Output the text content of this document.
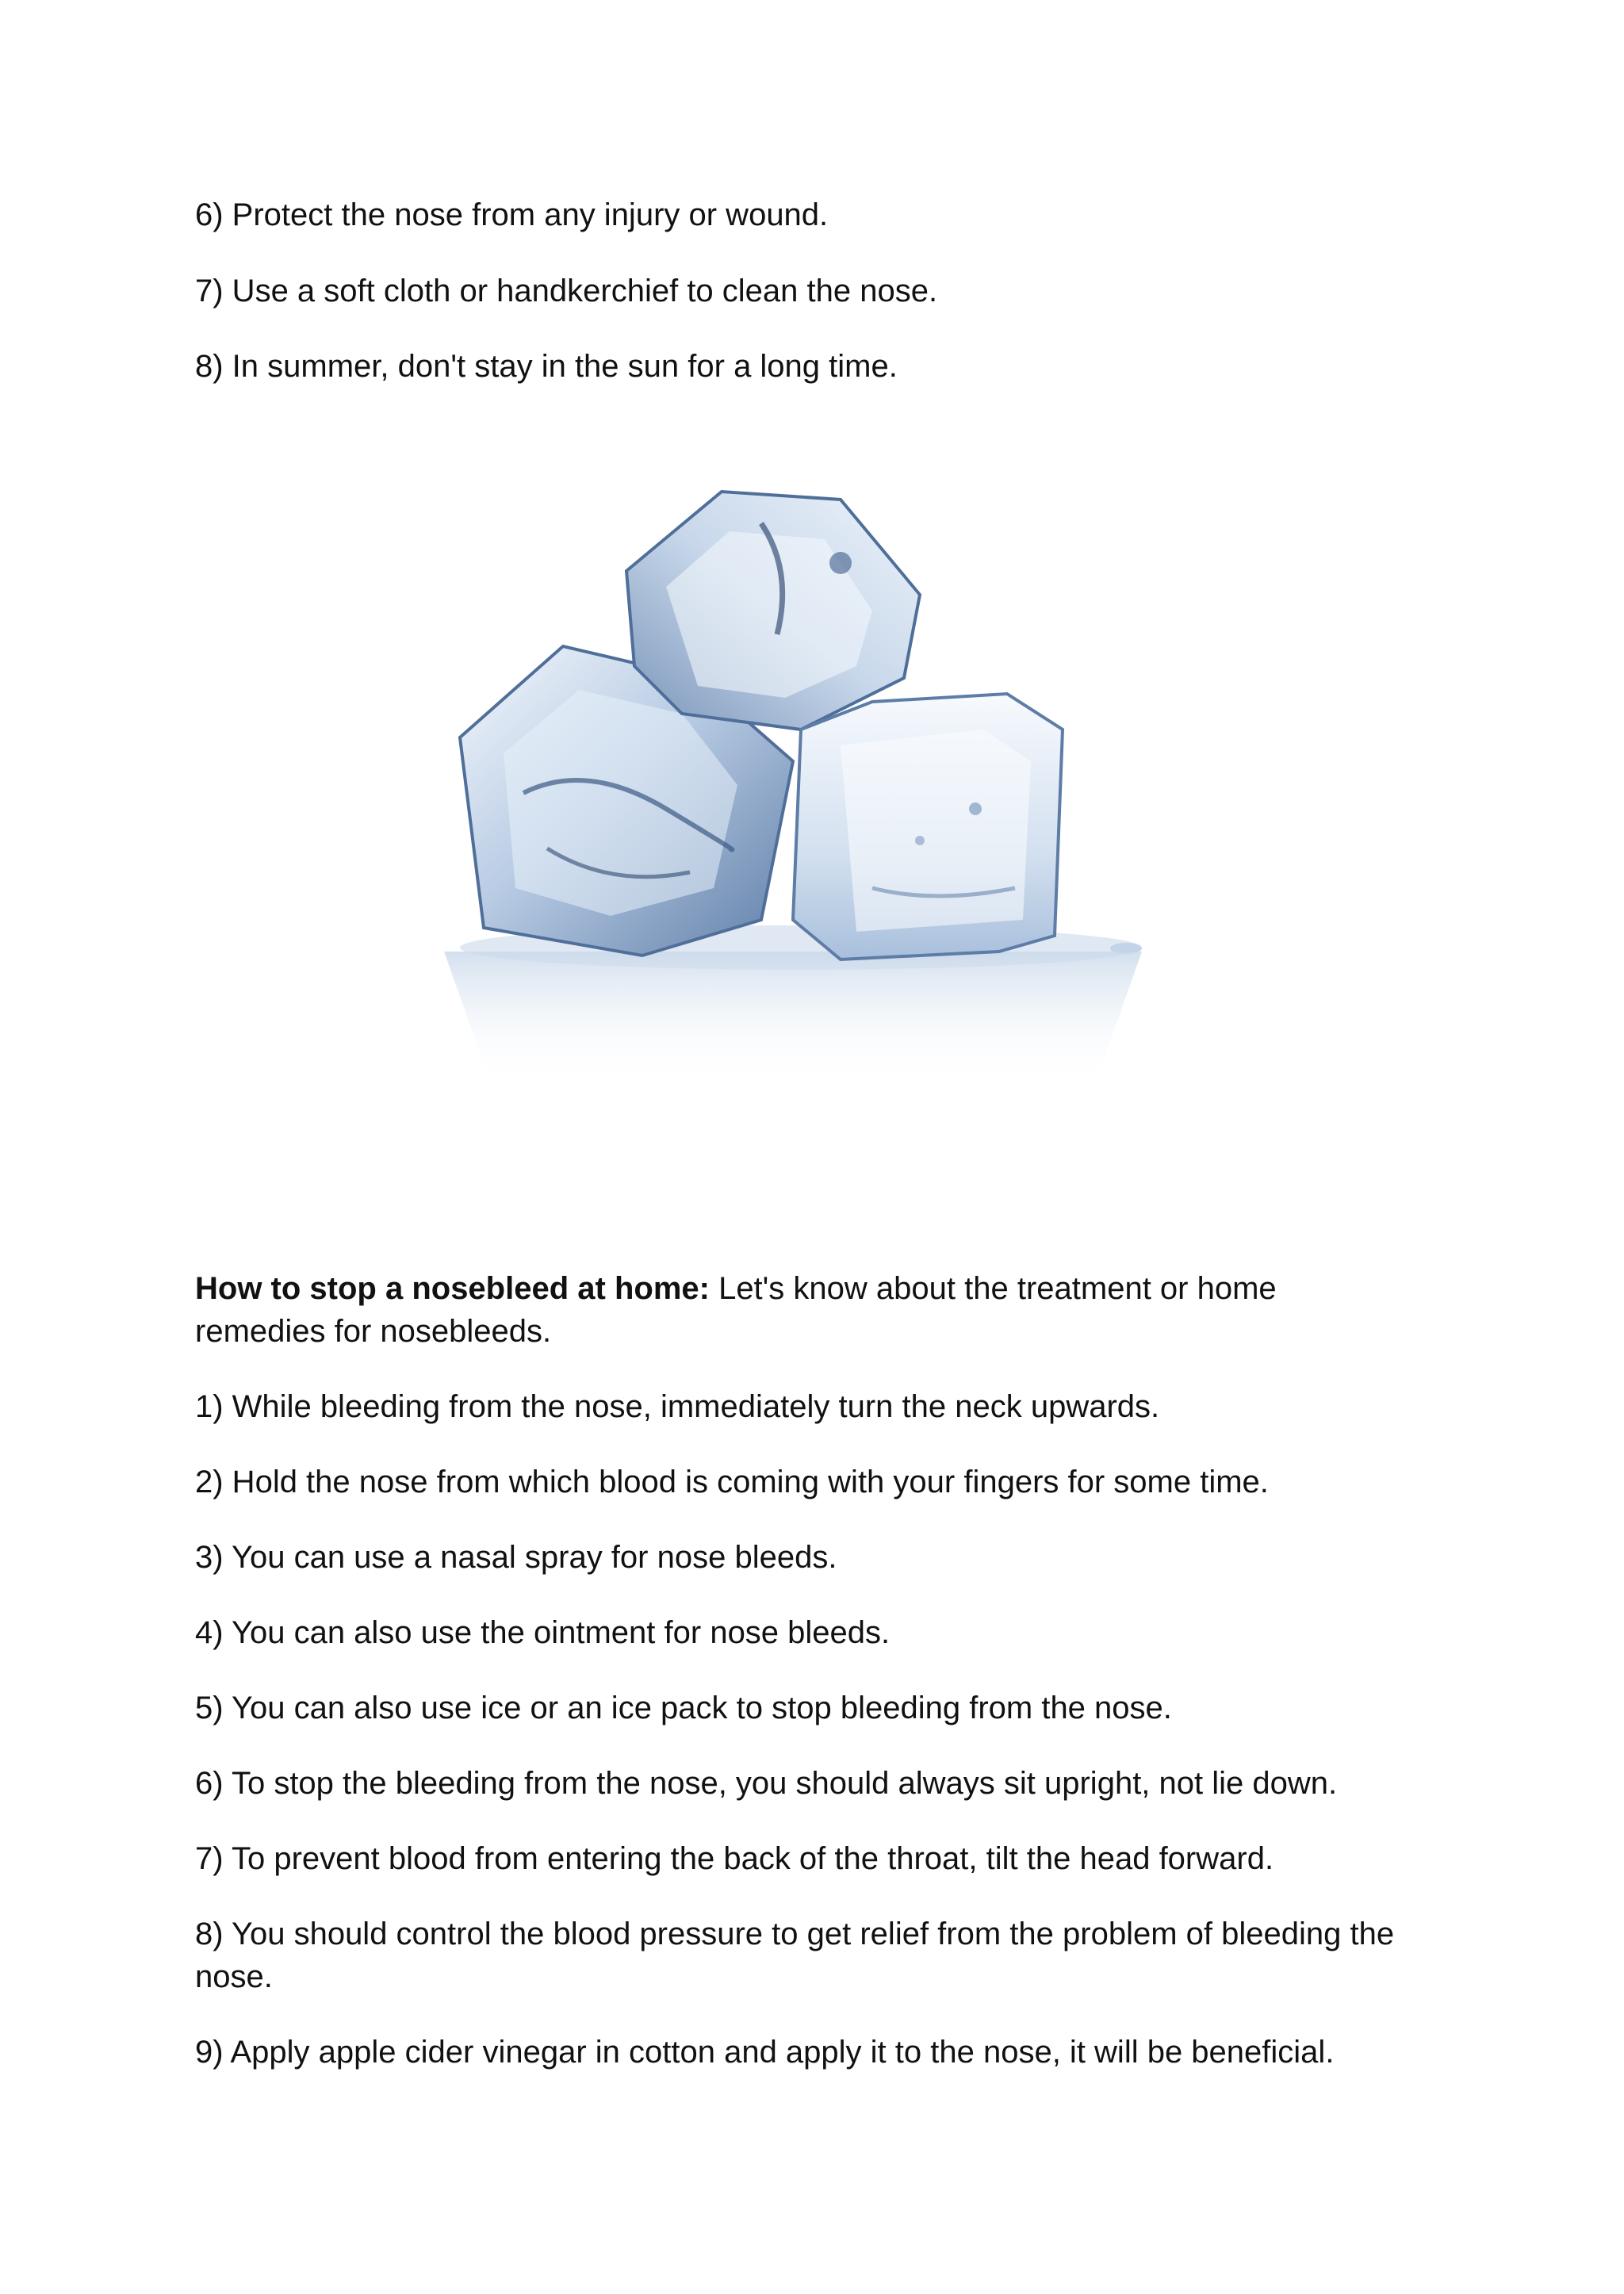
6) Protect the nose from any injury or wound.

7) Use a soft cloth or handkerchief to clean the nose.

8) In summer, don't stay in the sun for a long time.

How to stop a nosebleed at home: Let's know about the treatment or home remedies for nosebleeds.

1) While bleeding from the nose, immediately turn the neck upwards.

2) Hold the nose from which blood is coming with your fingers for some time.

3) You can use a nasal spray for nose bleeds.

4) You can also use the ointment for nose bleeds.

5) You can also use ice or an ice pack to stop bleeding from the nose.

6) To stop the bleeding from the nose, you should always sit upright, not lie down.

7) To prevent blood from entering the back of the throat, tilt the head forward.

8) You should control the blood pressure to get relief from the problem of bleeding the nose.

9) Apply apple cider vinegar in cotton and apply it to the nose, it will be beneficial.
